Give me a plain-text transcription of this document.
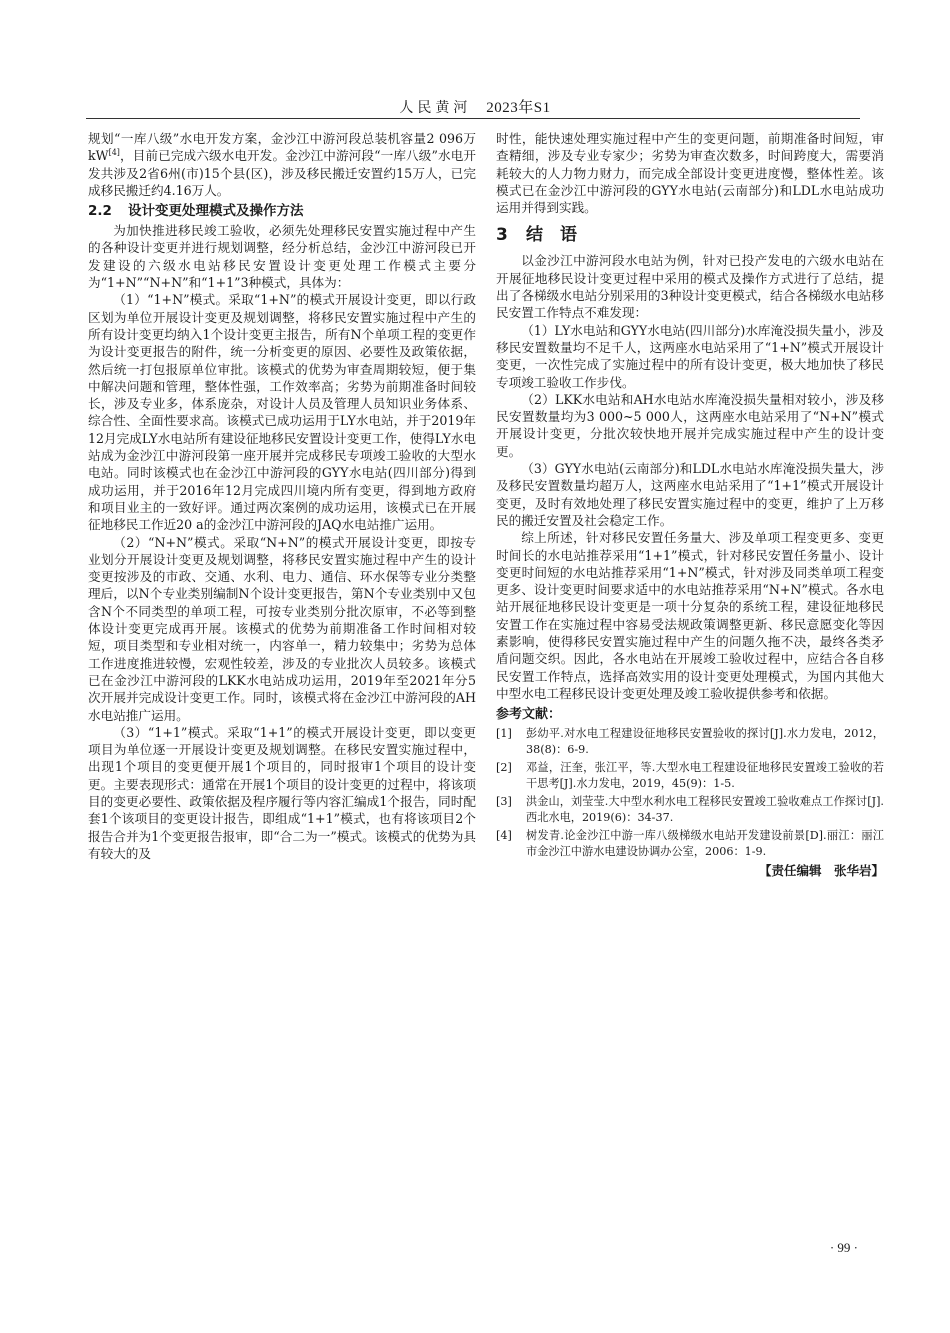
人民黄河 2023年S1

规划“一库八级”水电开发方案，金沙江中游河段总装机容量2 096万kW[4]，目前已完成六级水电开发。金沙江中游河段“一库八级”水电开发共涉及2省6州(市)15个县(区)，涉及移民搬迁安置约15万人，已完成移民搬迁约4.16万人。

2.2 设计变更处理模式及操作方法

为加快推进移民竣工验收，必须先处理移民安置实施过程中产生的各种设计变更并进行规划调整，经分析总结，金沙江中游河段已开发建设的六级水电站移民安置设计变更处理工作模式主要分为“1+N”“N+N”和“1+1”3种模式，具体为：

（1）“1+N”模式。采取“1+N”的模式开展设计变更，即以行政区划为单位开展设计变更及规划调整，将移民安置实施过程中产生的所有设计变更均纳入1个设计变更主报告，所有N个单项工程的变更作为设计变更报告的附件，统一分析变更的原因、必要性及政策依据，然后统一打包报原单位审批。该模式的优势为审查周期较短，便于集中解决问题和管理，整体性强，工作效率高；劣势为前期准备时间较长，涉及专业多，体系庞杂，对设计人员及管理人员知识业务体系、综合性、全面性要求高。该模式已成功运用于LY水电站，并于2019年12月完成LY水电站所有建设征地移民安置设计变更工作，使得LY水电站成为金沙江中游河段第一座开展并完成移民专项竣工验收的大型水电站。同时该模式也在金沙江中游河段的GYY水电站(四川部分)得到成功运用，并于2016年12月完成四川境内所有变更，得到地方政府和项目业主的一致好评。通过两次案例的成功运用，该模式已在开展征地移民工作近20 a的金沙江中游河段的JAQ水电站推广运用。

（2）“N+N”模式。采取“N+N”的模式开展设计变更，即按专业划分开展设计变更及规划调整，将移民安置实施过程中产生的设计变更按涉及的市政、交通、水利、电力、通信、环水保等专业分类整理后，以N个专业类别编制N个设计变更报告，第N个专业类别中又包含N个不同类型的单项工程，可按专业类别分批次原审，不必等到整体设计变更完成再开展。该模式的优势为前期准备工作时间相对较短，项目类型和专业相对统一，内容单一，精力较集中；劣势为总体工作进度推进较慢，宏观性较差，涉及的专业批次人员较多。该模式已在金沙江中游河段的LKK水电站成功运用，2019年至2021年分5次开展并完成设计变更工作。同时，该模式将在金沙江中游河段的AH水电站推广运用。

（3）“1+1”模式。采取“1+1”的模式开展设计变更，即以变更项目为单位逐一开展设计变更及规划调整。在移民安置实施过程中，出现1个项目的变更便开展1个项目的，同时报审1个项目的设计变更。主要表现形式：通常在开展1个项目的设计变更的过程中，将该项目的变更必要性、政策依据及程序履行等内容汇编成1个报告，同时配套1个该项目的变更设计报告，即组成“1+1”模式，也有将该项目2个报告合并为1个变更报告报审，即“合二为一”模式。该模式的优势为具有较大的及

时性，能快速处理实施过程中产生的变更问题，前期准备时间短，审查精细，涉及专业专家少；劣势为审查次数多，时间跨度大，需要消耗较大的人力物力财力，而完成全部设计变更进度慢，整体性差。该模式已在金沙江中游河段的GYY水电站(云南部分)和LDL水电站成功运用并得到实践。

3 结　语

以金沙江中游河段水电站为例，针对已投产发电的六级水电站在开展征地移民设计变更过程中采用的模式及操作方式进行了总结，提出了各梯级水电站分别采用的3种设计变更模式，结合各梯级水电站移民安置工作特点不难发现：

（1）LY水电站和GYY水电站(四川部分)水库淹没损失量小，涉及移民安置数量均不足千人，这两座水电站采用了“1+N”模式开展设计变更，一次性完成了实施过程中的所有设计变更，极大地加快了移民专项竣工验收工作步伐。

（2）LKK水电站和AH水电站水库淹没损失量相对较小，涉及移民安置数量均为3 000~5 000人，这两座水电站采用了“N+N”模式开展设计变更，分批次较快地开展并完成实施过程中产生的设计变更。

（3）GYY水电站(云南部分)和LDL水电站水库淹没损失量大，涉及移民安置数量均超万人，这两座水电站采用了“1+1”模式开展设计变更，及时有效地处理了移民安置实施过程中的变更，维护了上万移民的搬迁安置及社会稳定工作。

综上所述，针对移民安置任务量大、涉及单项工程变更多、变更时间长的水电站推荐采用“1+1”模式，针对移民安置任务量小、设计变更时间短的水电站推荐采用“1+N”模式，针对涉及同类单项工程变更多、设计变更时间要求适中的水电站推荐采用“N+N”模式。各水电站开展征地移民设计变更是一项十分复杂的系统工程，建设征地移民安置工作在实施过程中容易受法规政策调整更新、移民意愿变化等因素影响，使得移民安置实施过程中产生的问题久拖不决，最终各类矛盾问题交织。因此，各水电站在开展竣工验收过程中，应结合各自移民安置工作特点，选择高效实用的设计变更处理模式，为国内其他大中型水电工程移民设计变更处理及竣工验收提供参考和依据。

参考文献：
[1]	彭幼平.对水电工程建设征地移民安置验收的探讨[J].水力发电，2012，38(8)：6-9.
[2]	邓益，汪奎，张江平，等.大型水电工程建设征地移民安置竣工验收的若干思考[J].水力发电，2019，45(9)：1-5.
[3]	洪金山，刘莹莹.大中型水利水电工程移民安置竣工验收难点工作探讨[J].西北水电，2019(6)：34-37.
[4]	树发青.论金沙江中游一库八级梯级水电站开发建设前景[D].丽江：丽江市金沙江中游水电建设协调办公室，2006：1-9.
【责任编辑　张华岩】
· 99 ·
